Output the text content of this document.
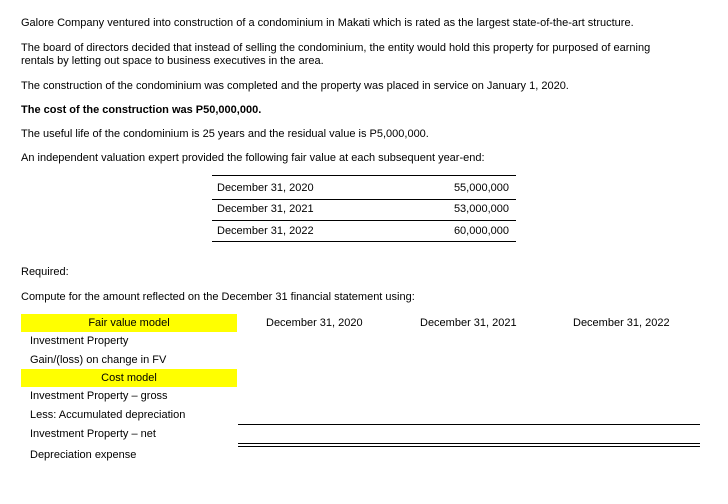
Galore Company ventured into construction of a condominium in Makati which is rated as the largest state-of-the-art structure.
The board of directors decided that instead of selling the condominium, the entity would hold this property for purposed of earning
rentals by letting out space to business executives in the area.
The construction of the condominium was completed and the property was placed in service on January 1, 2020.
The cost of the construction was P50,000,000.
The useful life of the condominium is 25 years and the residual value is P5,000,000.
An independent valuation expert provided the following fair value at each subsequent year-end:
December 31, 2020	55,000,000
December 31, 2021	53,000,000
December 31, 2022	60,000,000
Required:
Compute for the amount reflected on the December 31 financial statement using:
Fair value model	December 31, 2020	December 31, 2021	December 31, 2022
Investment Property
Gain/(loss) on change in FV
Cost model
Investment Property – gross
Less: Accumulated depreciation
Investment Property – net
Depreciation expense
